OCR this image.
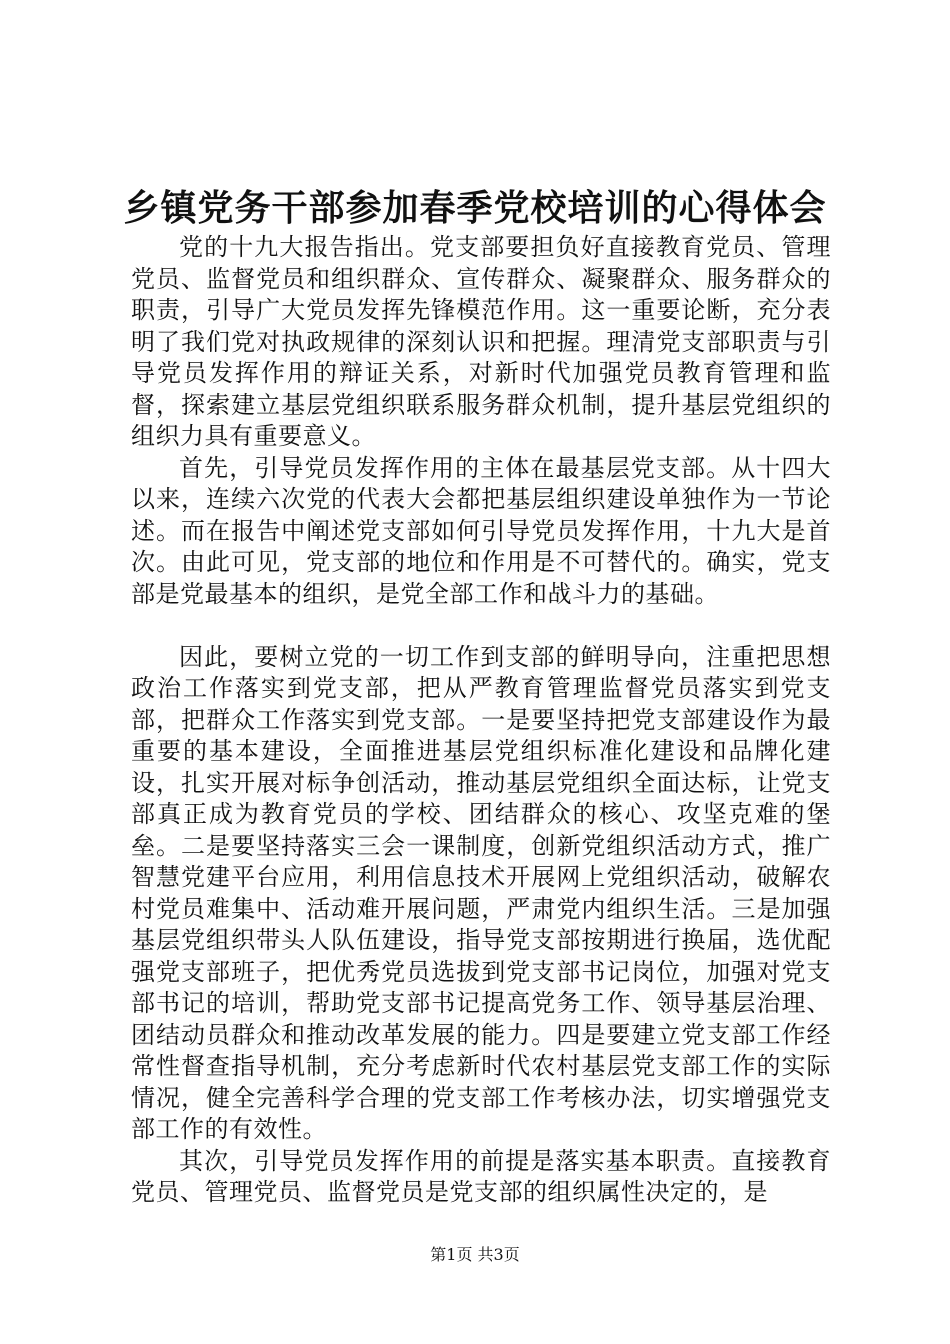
乡镇党务干部参加春季党校培训的心得体会

党的十九大报告指出。党支部要担负好直接教育党员、管理党员、监督党员和组织群众、宣传群众、凝聚群众、服务群众的职责，引导广大党员发挥先锋模范作用。这一重要论断，充分表明了我们党对执政规律的深刻认识和把握。理清党支部职责与引导党员发挥作用的辩证关系，对新时代加强党员教育管理和监督，探索建立基层党组织联系服务群众机制，提升基层党组织的组织力具有重要意义。

首先，引导党员发挥作用的主体在最基层党支部。从十四大以来，连续六次党的代表大会都把基层组织建设单独作为一节论述。而在报告中阐述党支部如何引导党员发挥作用，十九大是首次。由此可见，党支部的地位和作用是不可替代的。确实，党支部是党最基本的组织，是党全部工作和战斗力的基础。

因此，要树立党的一切工作到支部的鲜明导向，注重把思想政治工作落实到党支部，把从严教育管理监督党员落实到党支部，把群众工作落实到党支部。一是要坚持把党支部建设作为最重要的基本建设，全面推进基层党组织标准化建设和品牌化建设，扎实开展对标争创活动，推动基层党组织全面达标，让党支部真正成为教育党员的学校、团结群众的核心、攻坚克难的堡垒。二是要坚持落实三会一课制度，创新党组织活动方式，推广智慧党建平台应用，利用信息技术开展网上党组织活动，破解农村党员难集中、活动难开展问题，严肃党内组织生活。三是加强基层党组织带头人队伍建设，指导党支部按期进行换届，选优配强党支部班子，把优秀党员选拔到党支部书记岗位，加强对党支部书记的培训，帮助党支部书记提高党务工作、领导基层治理、团结动员群众和推动改革发展的能力。四是要建立党支部工作经常性督查指导机制，充分考虑新时代农村基层党支部工作的实际情况，健全完善科学合理的党支部工作考核办法，切实增强党支部工作的有效性。

其次，引导党员发挥作用的前提是落实基本职责。直接教育党员、管理党员、监督党员是党支部的组织属性决定的，是

第1页 共3页
